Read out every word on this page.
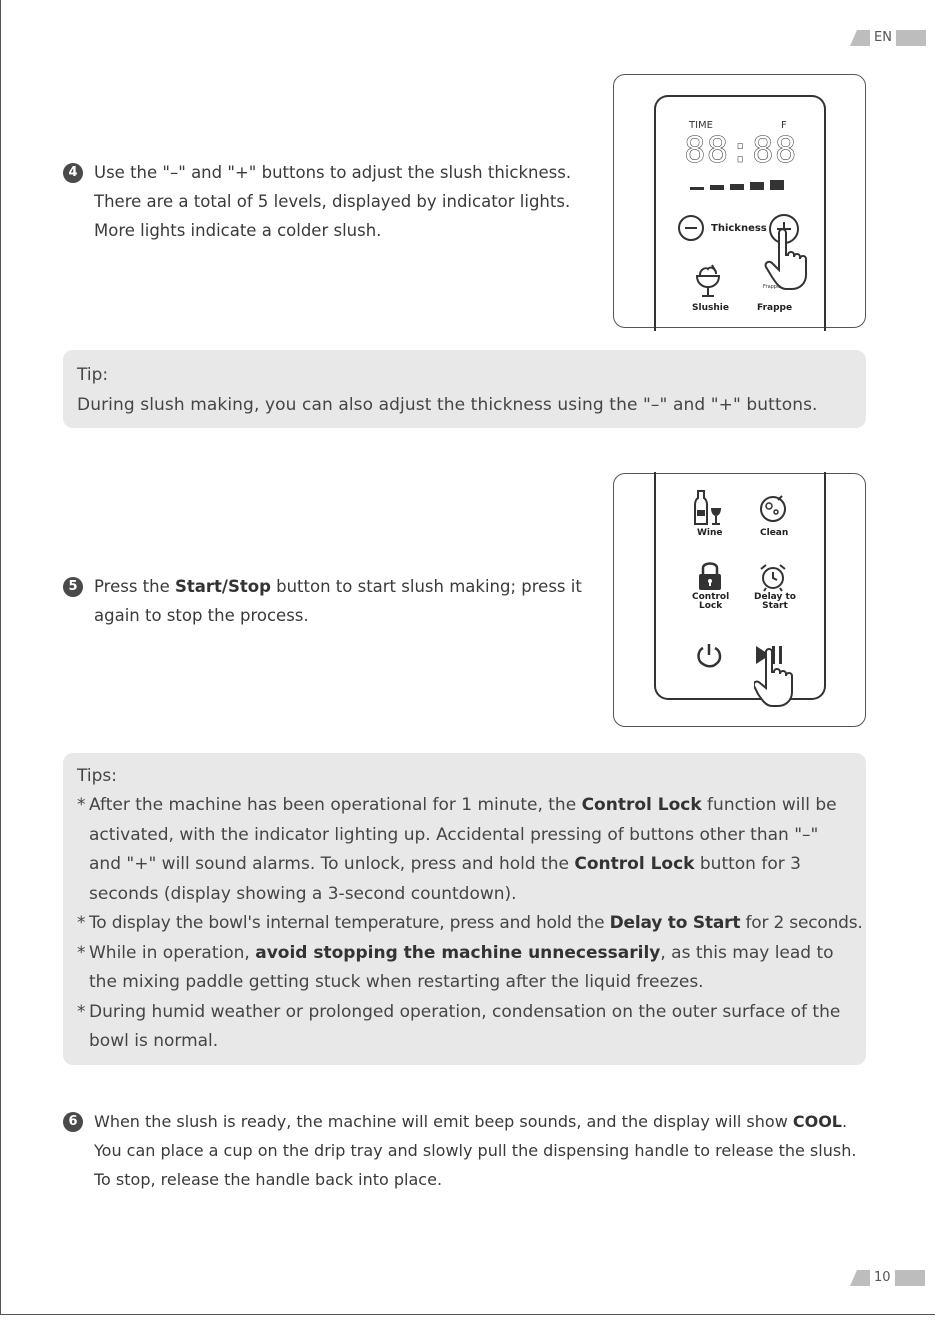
EN
4 Use the "–" and "+" buttons to adjust the slush thickness.
There are a total of 5 levels, displayed by indicator lights.
More lights indicate a colder slush.
TIME	F
88:88
Thickness
Slushie	Frappe
Frappe
Tip:
During slush making, you can also adjust the thickness using the "–" and "+" buttons.
5 Press the Start/Stop button to start slush making; press it
again to stop the process.
Wine	Clean
Control
Lock
Delay to
Start
Tips:
* After the machine has been operational for 1 minute, the Control Lock function will be activated, with the indicator lighting up. Accidental pressing of buttons other than "–" and "+" will sound alarms. To unlock, press and hold the Control Lock button for 3 seconds (display showing a 3-second countdown).
* To display the bowl's internal temperature, press and hold the Delay to Start for 2 seconds.
* While in operation, avoid stopping the machine unnecessarily, as this may lead to the mixing paddle getting stuck when restarting after the liquid freezes.
* During humid weather or prolonged operation, condensation on the outer surface of the bowl is normal.
6	When the slush is ready, the machine will emit beep sounds, and the display will show COOL.
You can place a cup on the drip tray and slowly pull the dispensing handle to release the slush.
To stop, release the handle back into place.
10
